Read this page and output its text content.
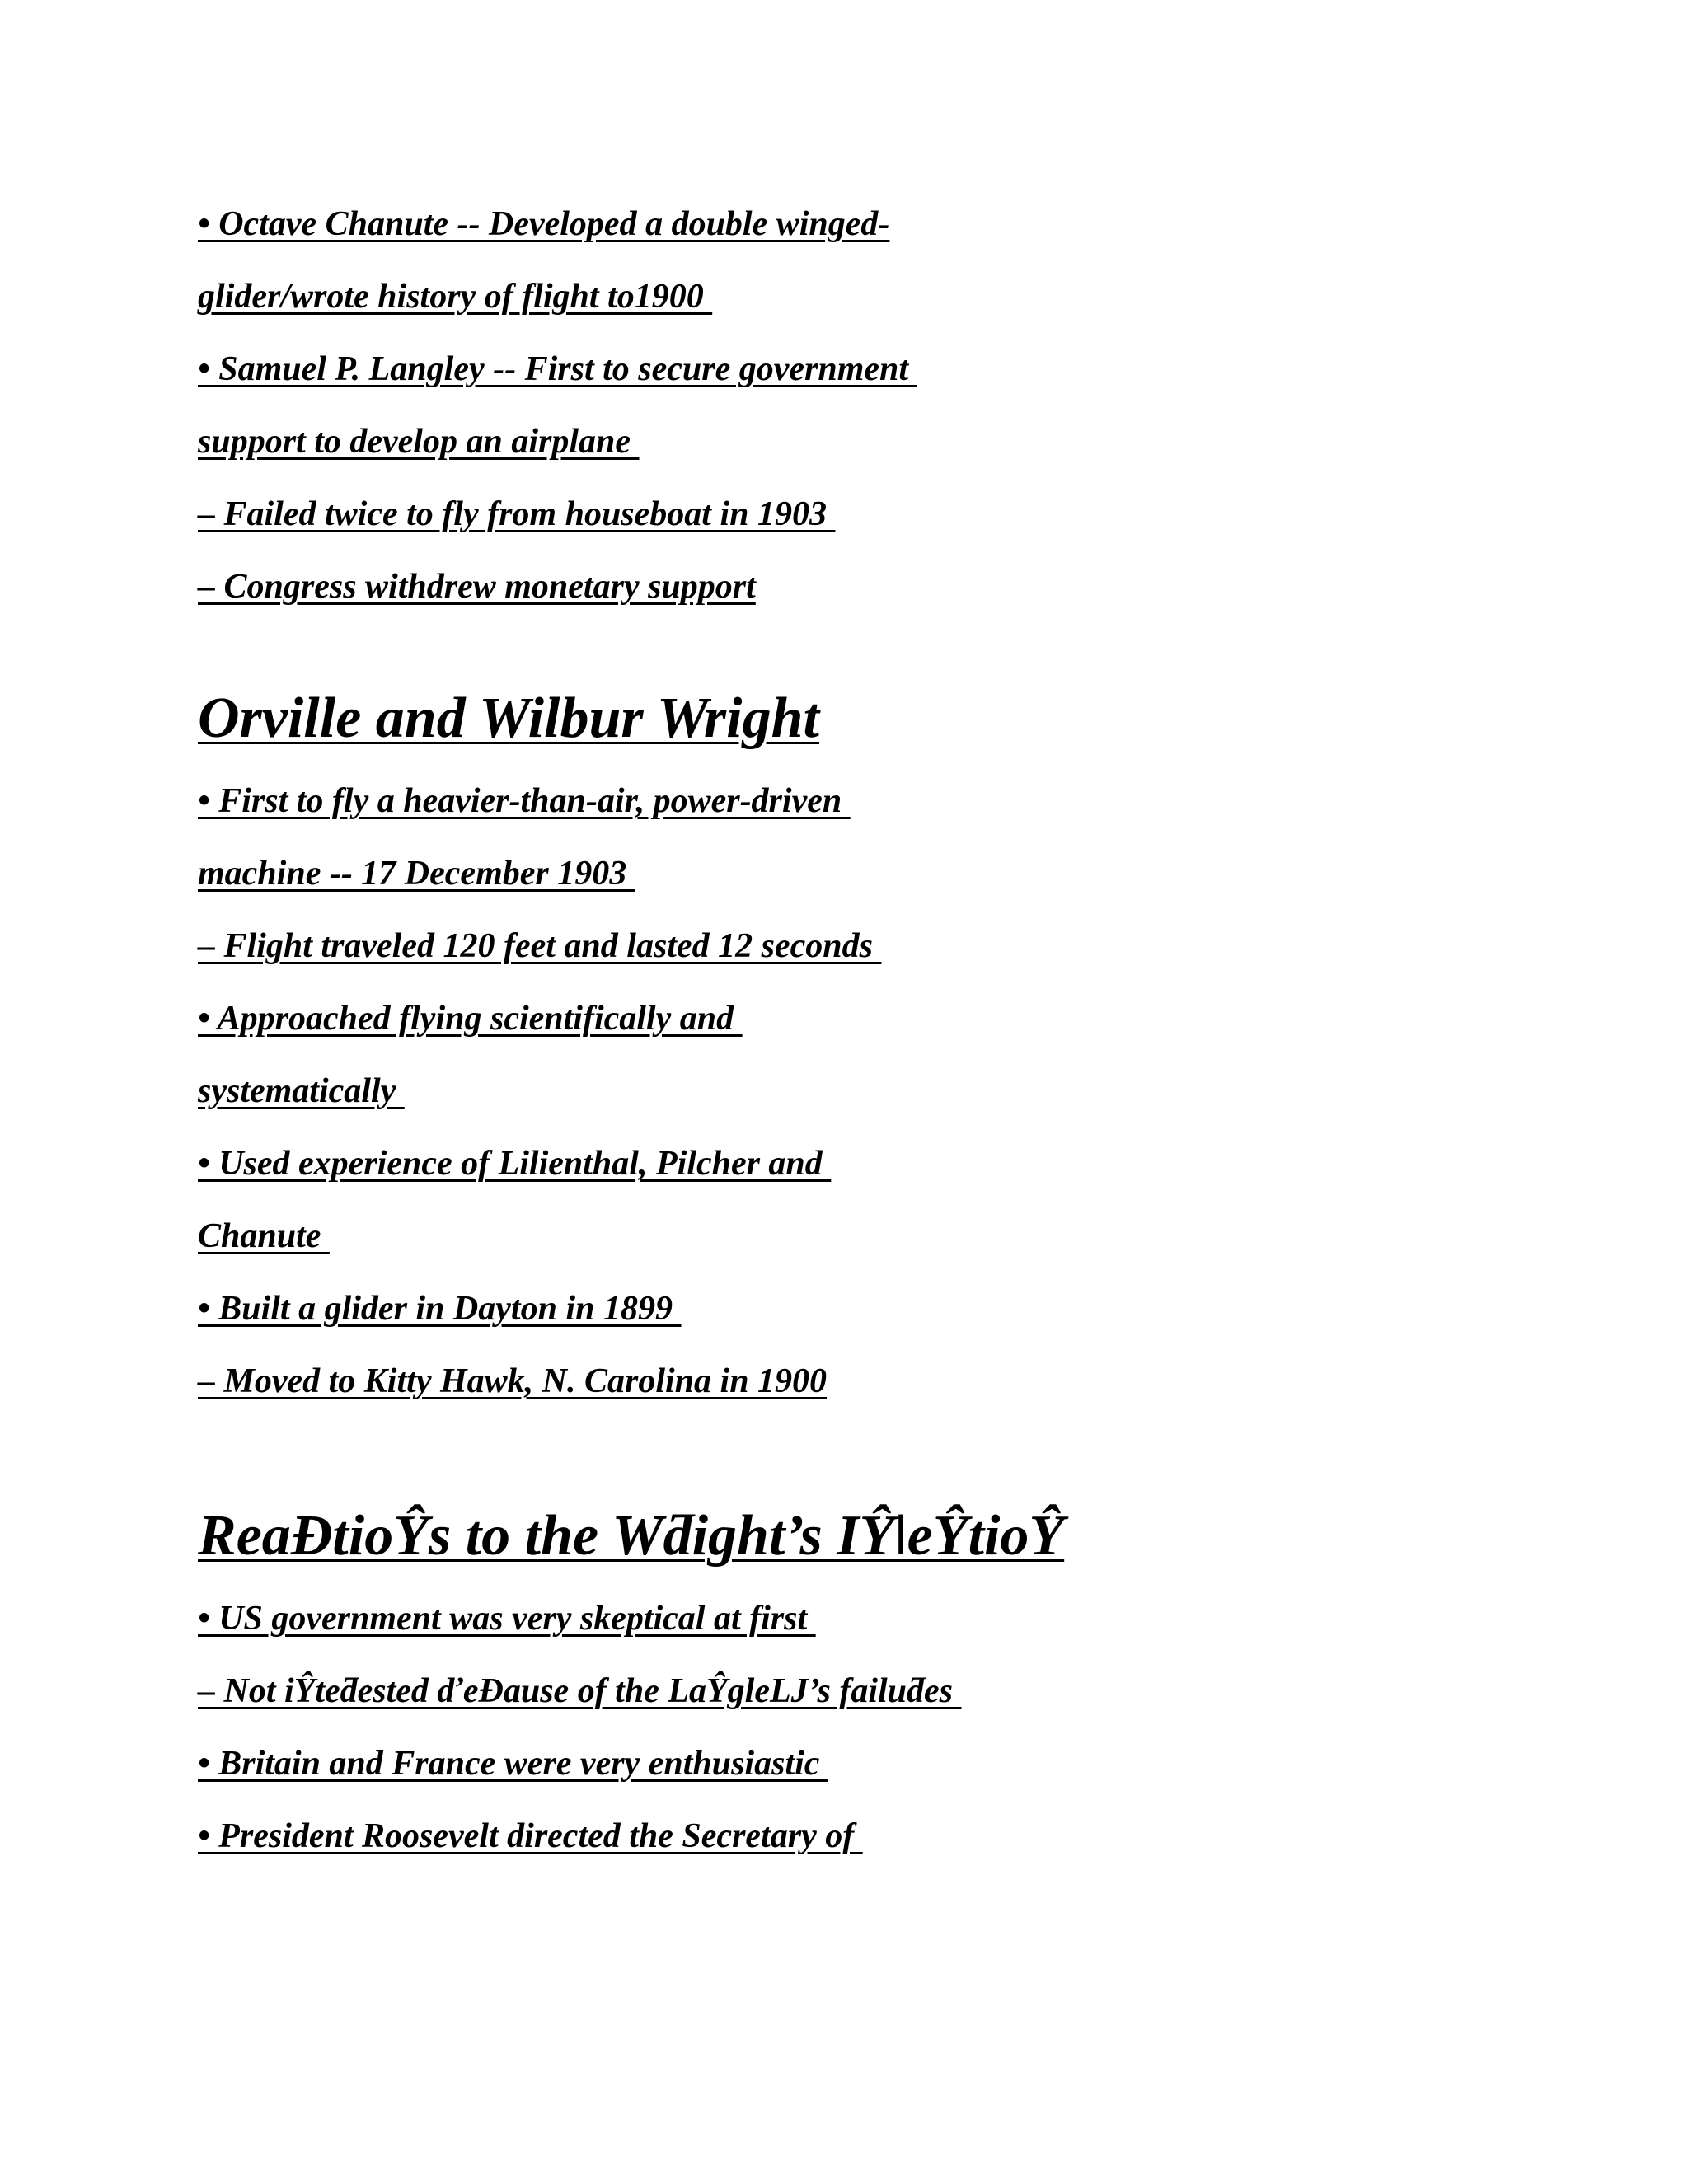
• Octave Chanute -- Developed a double winged-
glider/wrote history of flight to1900
• Samuel P. Langley -- First to secure government
support to develop an airplane
– Failed twice to fly from houseboat in 1903
– Congress withdrew monetary support
Orville and Wilbur Wright
• First to fly a heavier-than-air, power-driven
machine -- 17 December 1903
– Flight traveled 120 feet and lasted 12 seconds
• Approached flying scientifically and
systematically
• Used experience of Lilienthal, Pilcher and
Chanute
• Built a glider in Dayton in 1899
– Moved to Kitty Hawk, N. Carolina in 1900
ReaĐtioŶs to the Wƌight’s IŶǀeŶtioŶ
• US government was very skeptical at first
– Not iŶteƌested ďeĐause of the LaŶgleLJ’s failuƌes
• Britain and France were very enthusiastic
• President Roosevelt directed the Secretary of
